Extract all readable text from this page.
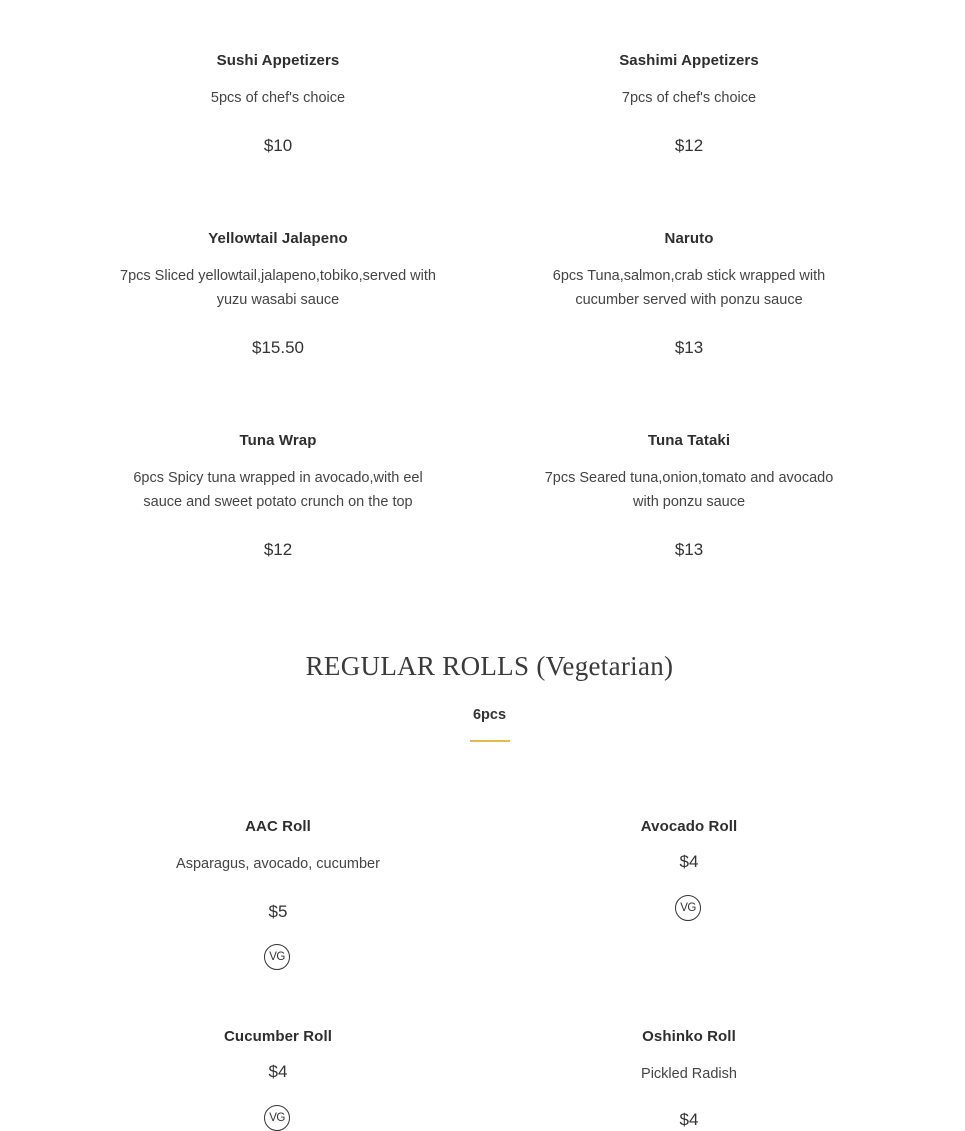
Sushi Appetizers
5pcs of chef's choice
$10
Sashimi Appetizers
7pcs of chef's choice
$12
Yellowtail Jalapeno
7pcs Sliced yellowtail,jalapeno,tobiko,served with yuzu wasabi sauce
$15.50
Naruto
6pcs Tuna,salmon,crab stick wrapped with cucumber served with ponzu sauce
$13
Tuna Wrap
6pcs Spicy tuna wrapped in avocado,with eel sauce and sweet potato crunch on the top
$12
Tuna Tataki
7pcs Seared tuna,onion,tomato and avocado with ponzu sauce
$13
REGULAR ROLLS (Vegetarian)
6pcs
AAC Roll
Asparagus, avocado, cucumber
$5
VG
Avocado Roll
$4
VG
Cucumber Roll
$4
VG
Oshinko Roll
Pickled Radish
$4
